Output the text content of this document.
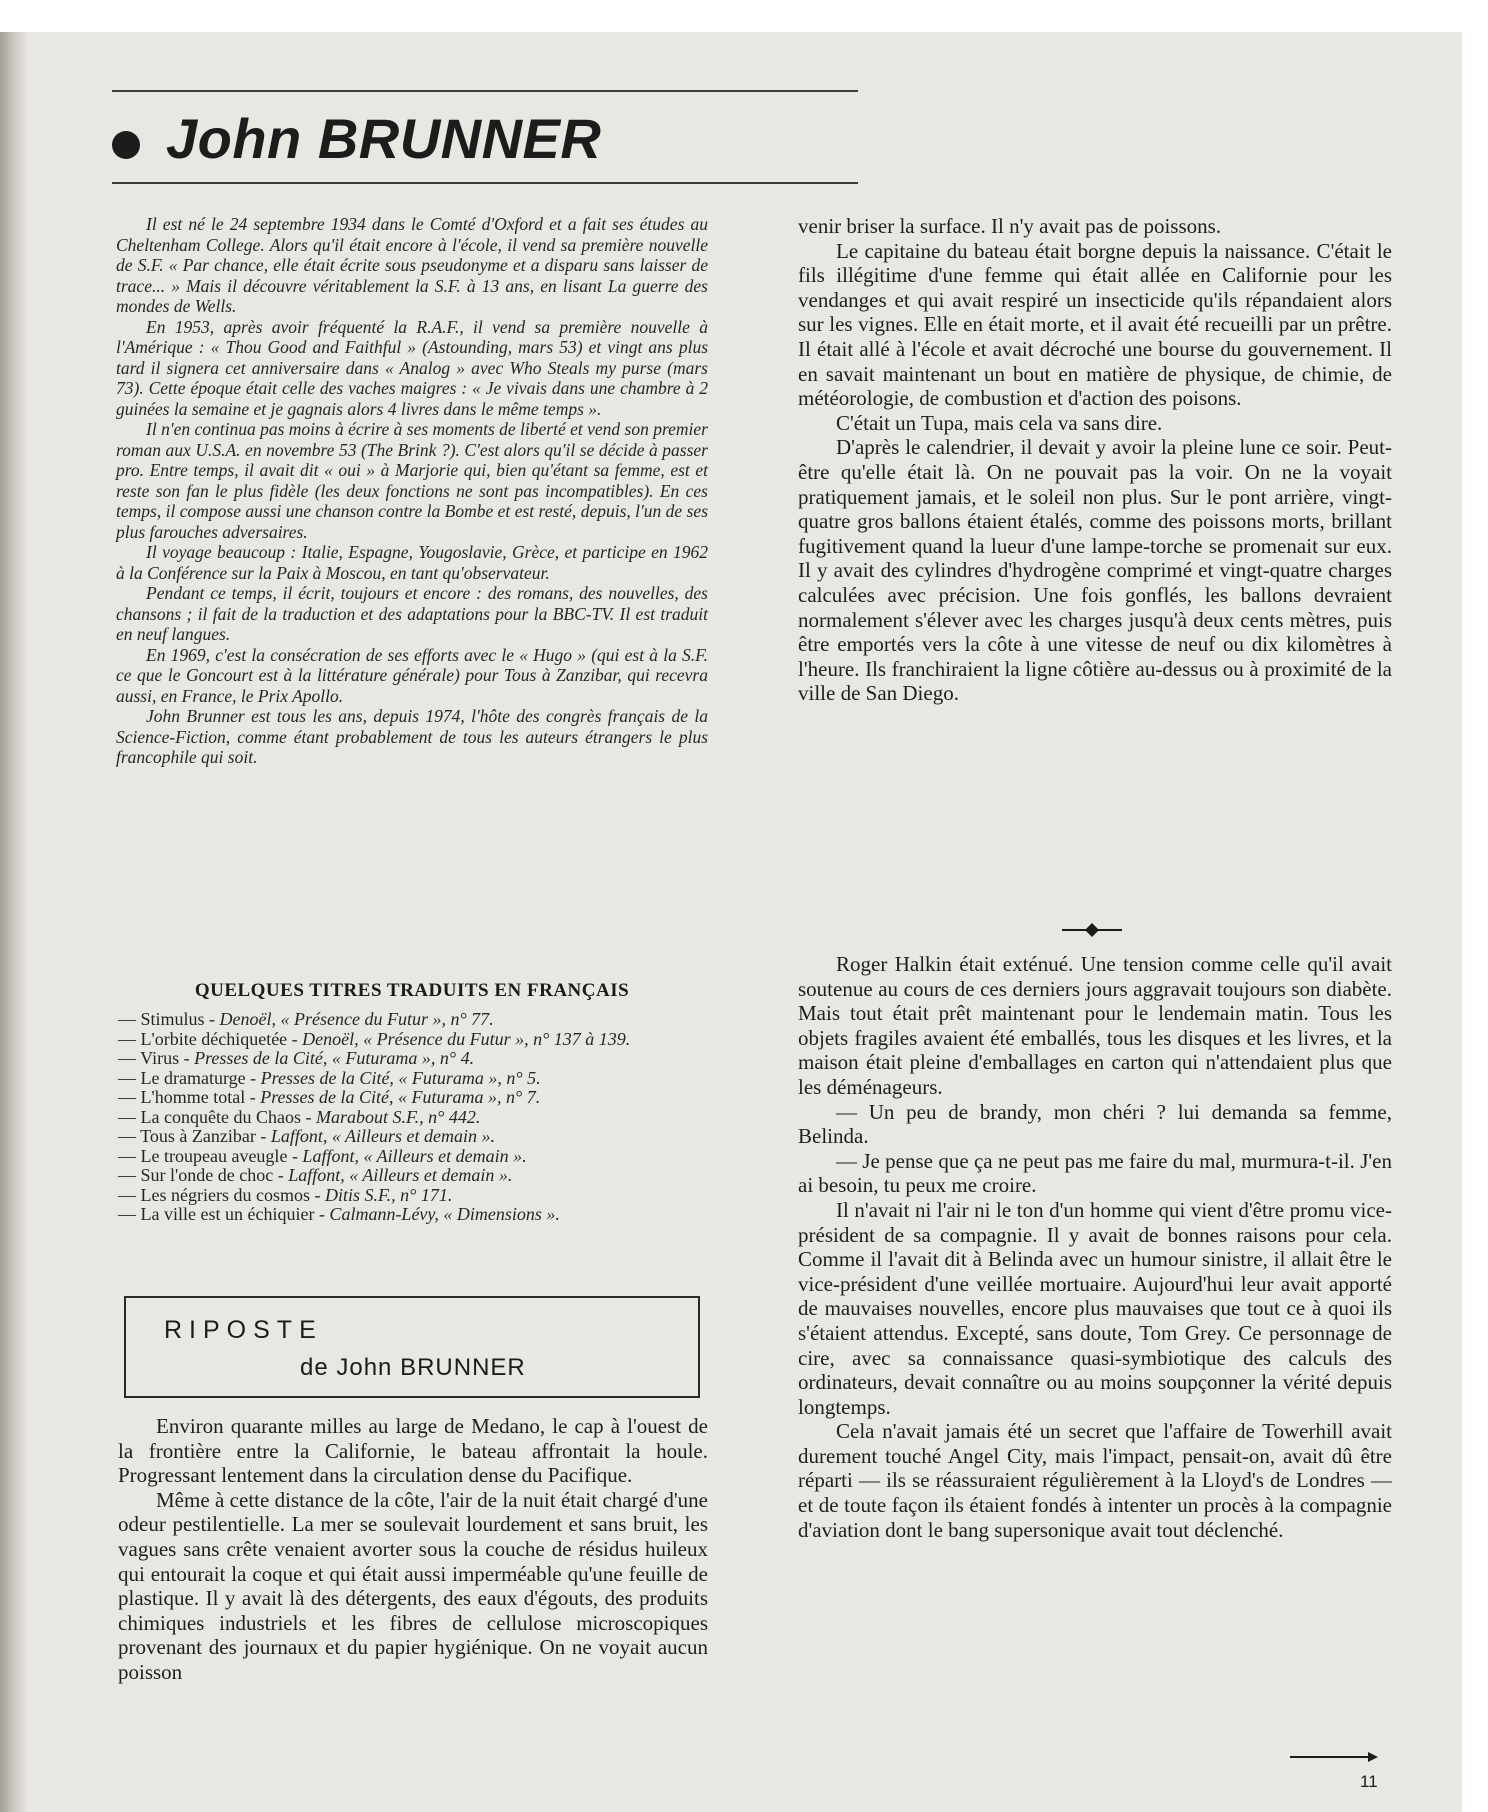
John BRUNNER

Il est né le 24 septembre 1934 dans le Comté d'Oxford et a fait ses études au Cheltenham College. Alors qu'il était encore à l'école, il vend sa première nouvelle de S.F. « Par chance, elle était écrite sous pseudonyme et a disparu sans laisser de trace... » Mais il découvre véritablement la S.F. à 13 ans, en lisant La guerre des mondes de Wells.

En 1953, après avoir fréquenté la R.A.F., il vend sa première nouvelle à l'Amérique : « Thou Good and Faithful » (Astounding, mars 53) et vingt ans plus tard il signera cet anniversaire dans « Analog » avec Who Steals my purse (mars 73). Cette époque était celle des vaches maigres : « Je vivais dans une chambre à 2 guinées la semaine et je gagnais alors 4 livres dans le même temps ».

Il n'en continua pas moins à écrire à ses moments de liberté et vend son premier roman aux U.S.A. en novembre 53 (The Brink ?). C'est alors qu'il se décide à passer pro. Entre temps, il avait dit « oui » à Marjorie qui, bien qu'étant sa femme, est et reste son fan le plus fidèle (les deux fonctions ne sont pas incompatibles). En ces temps, il compose aussi une chanson contre la Bombe et est resté, depuis, l'un de ses plus farouches adversaires.

Il voyage beaucoup : Italie, Espagne, Yougoslavie, Grèce, et participe en 1962 à la Conférence sur la Paix à Moscou, en tant qu'observateur.

Pendant ce temps, il écrit, toujours et encore : des romans, des nouvelles, des chansons ; il fait de la traduction et des adaptations pour la BBC-TV. Il est traduit en neuf langues.

En 1969, c'est la consécration de ses efforts avec le « Hugo » (qui est à la S.F. ce que le Goncourt est à la littérature générale) pour Tous à Zanzibar, qui recevra aussi, en France, le Prix Apollo.

John Brunner est tous les ans, depuis 1974, l'hôte des congrès français de la Science-Fiction, comme étant probablement de tous les auteurs étrangers le plus francophile qui soit.

QUELQUES TITRES TRADUITS EN FRANÇAIS
— Stimulus - Denoël, « Présence du Futur », n° 77.
— L'orbite déchiquetée - Denoël, « Présence du Futur », n° 137 à 139.
— Virus - Presses de la Cité, « Futurama », n° 4.
— Le dramaturge - Presses de la Cité, « Futurama », n° 5.
— L'homme total - Presses de la Cité, « Futurama », n° 7.
— La conquête du Chaos - Marabout S.F., n° 442.
— Tous à Zanzibar - Laffont, « Ailleurs et demain ».
— Le troupeau aveugle - Laffont, « Ailleurs et demain ».
— Sur l'onde de choc - Laffont, « Ailleurs et demain ».
— Les négriers du cosmos - Ditis S.F., n° 171.
— La ville est un échiquier - Calmann-Lévy, « Dimensions ».
RIPOSTE
de John BRUNNER

Environ quarante milles au large de Medano, le cap à l'ouest de la frontière entre la Californie, le bateau affrontait la houle. Progressant lentement dans la circulation dense du Pacifique.

Même à cette distance de la côte, l'air de la nuit était chargé d'une odeur pestilentielle. La mer se soulevait lourdement et sans bruit, les vagues sans crête venaient avorter sous la couche de résidus huileux qui entourait la coque et qui était aussi imperméable qu'une feuille de plastique. Il y avait là des détergents, des eaux d'égouts, des produits chimiques industriels et les fibres de cellulose microscopiques provenant des journaux et du papier hygiénique. On ne voyait aucun poisson

venir briser la surface. Il n'y avait pas de poissons.

Le capitaine du bateau était borgne depuis la naissance. C'était le fils illégitime d'une femme qui était allée en Californie pour les vendanges et qui avait respiré un insecticide qu'ils répandaient alors sur les vignes. Elle en était morte, et il avait été recueilli par un prêtre. Il était allé à l'école et avait décroché une bourse du gouvernement. Il en savait maintenant un bout en matière de physique, de chimie, de météorologie, de combustion et d'action des poisons.

C'était un Tupa, mais cela va sans dire.

D'après le calendrier, il devait y avoir la pleine lune ce soir. Peut-être qu'elle était là. On ne pouvait pas la voir. On ne la voyait pratiquement jamais, et le soleil non plus. Sur le pont arrière, vingt-quatre gros ballons étaient étalés, comme des poissons morts, brillant fugitivement quand la lueur d'une lampe-torche se promenait sur eux. Il y avait des cylindres d'hydrogène comprimé et vingt-quatre charges calculées avec précision. Une fois gonflés, les ballons devraient normalement s'élever avec les charges jusqu'à deux cents mètres, puis être emportés vers la côte à une vitesse de neuf ou dix kilomètres à l'heure. Ils franchiraient la ligne côtière au-dessus ou à proximité de la ville de San Diego.

Roger Halkin était exténué. Une tension comme celle qu'il avait soutenue au cours de ces derniers jours aggravait toujours son diabète. Mais tout était prêt maintenant pour le lendemain matin. Tous les objets fragiles avaient été emballés, tous les disques et les livres, et la maison était pleine d'emballages en carton qui n'attendaient plus que les déménageurs.

— Un peu de brandy, mon chéri ? lui demanda sa femme, Belinda.

— Je pense que ça ne peut pas me faire du mal, murmura-t-il. J'en ai besoin, tu peux me croire.

Il n'avait ni l'air ni le ton d'un homme qui vient d'être promu vice-président de sa compagnie. Il y avait de bonnes raisons pour cela. Comme il l'avait dit à Belinda avec un humour sinistre, il allait être le vice-président d'une veillée mortuaire. Aujourd'hui leur avait apporté de mauvaises nouvelles, encore plus mauvaises que tout ce à quoi ils s'étaient attendus. Excepté, sans doute, Tom Grey. Ce personnage de cire, avec sa connaissance quasi-symbiotique des calculs des ordinateurs, devait connaître ou au moins soupçonner la vérité depuis longtemps.

Cela n'avait jamais été un secret que l'affaire de Towerhill avait durement touché Angel City, mais l'impact, pensait-on, avait dû être réparti — ils se réassuraient régulièrement à la Lloyd's de Londres — et de toute façon ils étaient fondés à intenter un procès à la compagnie d'aviation dont le bang supersonique avait tout déclenché.

11
